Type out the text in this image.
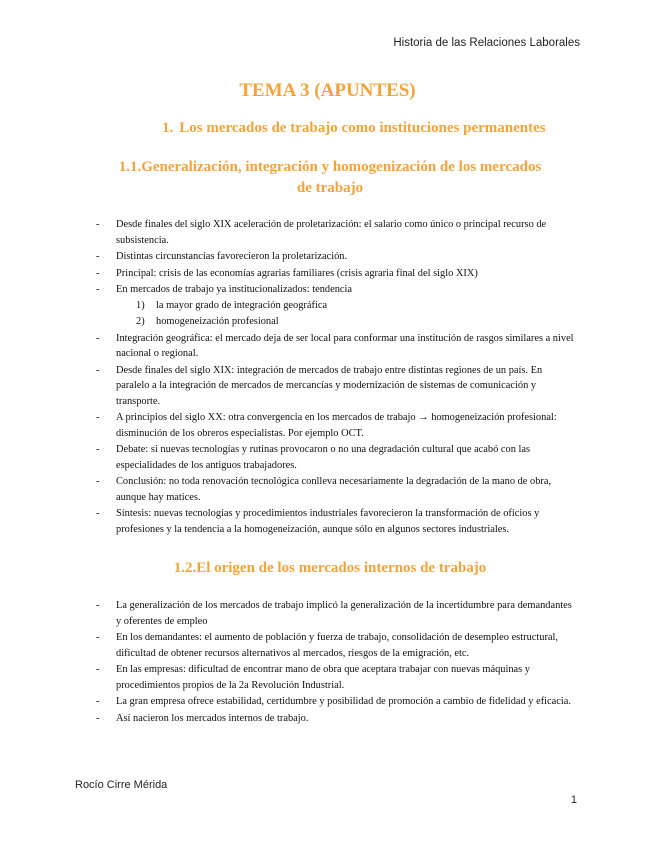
Historia de las Relaciones Laborales
TEMA 3 (APUNTES)
1. Los mercados de trabajo como instituciones permanentes
1.1.Generalización, integración y homogenización de los mercados de trabajo
- Desde finales del siglo XIX aceleración de proletarización: el salario como único o principal recurso de subsistencia.
- Distintas circunstancias favorecieron la proletarización.
- Principal: crisis de las economías agrarias familiares (crisis agraria final del siglo XIX)
- En mercados de trabajo ya institucionalizados: tendencia
1) la mayor grado de integración geográfica
2) homogeneización profesional
- Integración geográfica: el mercado deja de ser local para conformar una institución de rasgos similares a nivel nacional o regional.
- Desde finales del siglo XIX: integración de mercados de trabajo entre distintas regiones de un país. En paralelo a la integración de mercados de mercancías y modernización de sistemas de comunicación y transporte.
- A principios del siglo XX: otra convergencia en los mercados de trabajo → homogeneización profesional: disminución de los obreros especialistas. Por ejemplo OCT.
- Debate: si nuevas tecnologías y rutinas provocaron o no una degradación cultural que acabó con las especialidades de los antiguos trabajadores.
- Conclusión: no toda renovación tecnológica conlleva necesariamente la degradación de la mano de obra, aunque hay matices.
- Síntesis: nuevas tecnologías y procedimientos industriales favorecieron la transformación de oficios y profesiones y la tendencia a la homogeneización, aunque sólo en algunos sectores industriales.
1.2.El origen de los mercados internos de trabajo
- La generalización de los mercados de trabajo implicó la generalización de la incertidumbre para demandantes y oferentes de empleo
- En los demandantes: el aumento de población y fuerza de trabajo, consolidación de desempleo estructural, dificultad de obtener recursos alternativos al mercados, riesgos de la emigración, etc.
- En las empresas: dificultad de encontrar mano de obra que aceptara trabajar con nuevas máquinas y procedimientos propios de la 2a Revolución Industrial.
- La gran empresa ofrece estabilidad, certidumbre y posibilidad de promoción a cambio de fidelidad y eficacia.
- Así nacieron los mercados internos de trabajo.
Rocío Cirre Mérida
1
